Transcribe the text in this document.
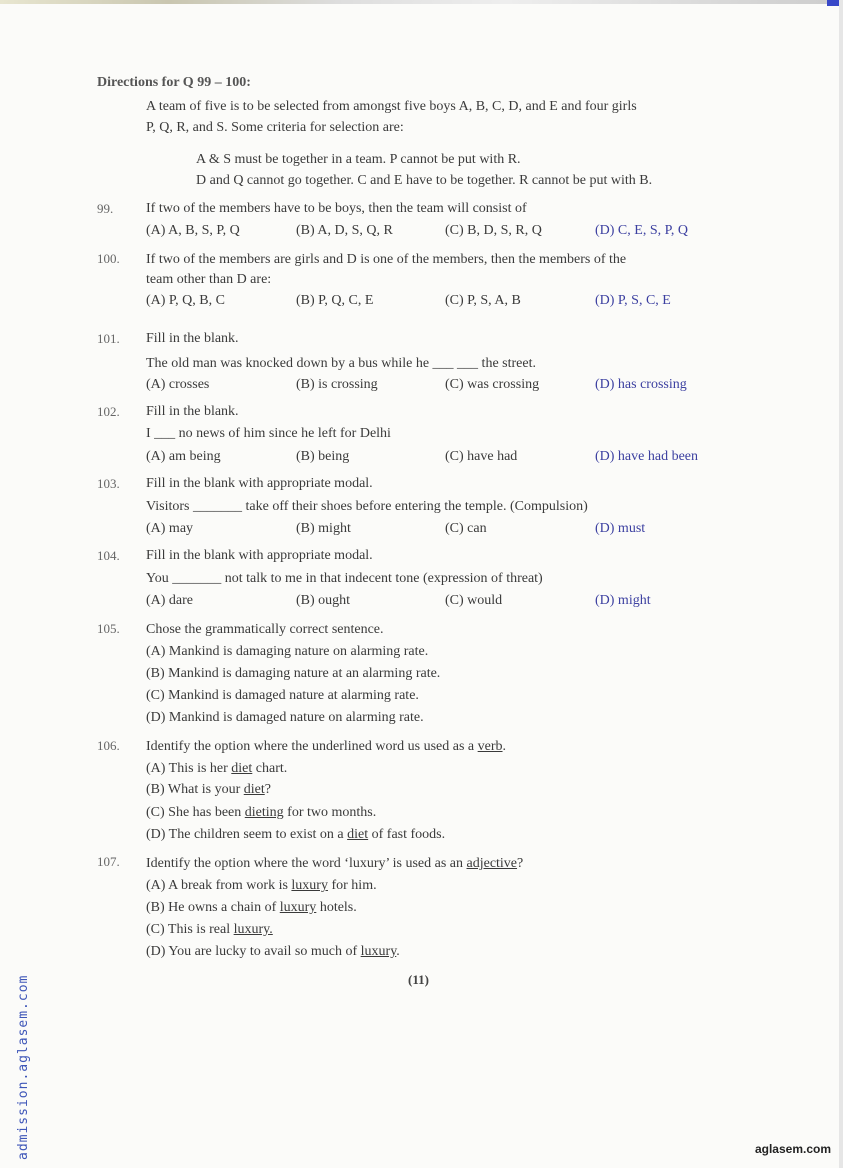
Directions for Q 99 – 100:
A team of five is to be selected from amongst five boys A, B, C, D, and E and four girls
P, Q, R, and S. Some criteria for selection are:
A & S must be together in a team. P cannot be put with R.
D and Q cannot go together. C and E have to be together. R cannot be put with B.
99. If two of the members have to be boys, then the team will consist of
(A) A, B, S, P, Q	(B) A, D, S, Q, R	(C) B, D, S, R, Q	(D) C, E, S, P, Q
100. If two of the members are girls and D is one of the members, then the members of the
team other than D are:
(A) P, Q, B, C	(B) P, Q, C, E	(C) P, S, A, B	(D) P, S, C, E
101. Fill in the blank.
The old man was knocked down by a bus while he ___ ___ the street.
(A) crosses	(B) is crossing	(C) was crossing	(D) has crossing
102. Fill in the blank.
I ___ no news of him since he left for Delhi
(A) am being	(B) being	(C) have had	(D) have had been
103. Fill in the blank with appropriate modal.
Visitors _______ take off their shoes before entering the temple. (Compulsion)
(A) may	(B) might	(C) can	(D) must
104. Fill in the blank with appropriate modal.
You _______ not talk to me in that indecent tone (expression of threat)
(A) dare	(B) ought	(C) would	(D) might
105. Chose the grammatically correct sentence.
(A) Mankind is damaging nature on alarming rate.
(B) Mankind is damaging nature at an alarming rate.
(C) Mankind is damaged nature at alarming rate.
(D) Mankind is damaged nature on alarming rate.
106. Identify the option where the underlined word us used as a verb.
(A) This is her diet chart.
(B) What is your diet?
(C) She has been dieting for two months.
(D) The children seem to exist on a diet of fast foods.
107. Identify the option where the word ‘luxury’ is used as an adjective?
(A) A break from work is luxury for him.
(B) He owns a chain of luxury hotels.
(C) This is real luxury.
(D) You are lucky to avail so much of luxury.
(11)
admission.aglasem.com	aglasem.com
